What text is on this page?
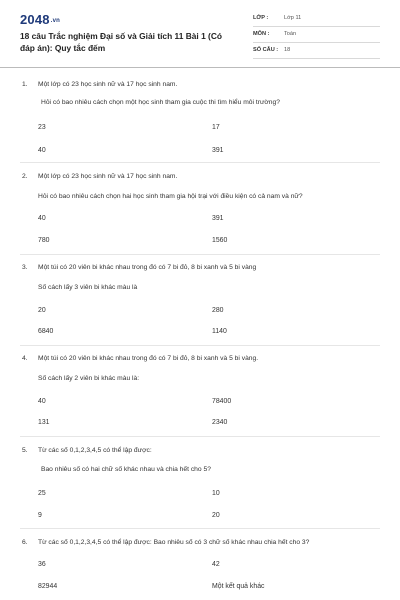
2048.vn
18 câu Trắc nghiệm Đại số và Giải tích 11 Bài 1 (Có đáp án): Quy tắc đếm
LỚP :	Lớp 11
MÔN :	Toán
SỐ CÂU : 18
1. Một lớp có 23 học sinh nữ và 17 học sinh nam.
Hỏi có bao nhiêu cách chọn một học sinh tham gia cuộc thi tìm hiểu môi trường?
23	17
40	391
2. Một lớp có 23 học sinh nữ và 17 học sinh nam.
Hỏi có bao nhiêu cách chọn hai học sinh tham gia hội trại với điều kiện có cả nam và nữ?
40	391
780	1560
3. Một túi có 20 viên bi khác nhau trong đó có 7 bi đỏ, 8 bi xanh và 5 bi vàng
Số cách lấy 3 viên bi khác màu là
20	280
6840	1140
4. Một túi có 20 viên bi khác nhau trong đó có 7 bi đỏ, 8 bi xanh và 5 bi vàng.
Số cách lấy 2 viên bi khác màu là:
40	78400
131	2340
5. Từ các số 0,1,2,3,4,5 có thể lập được:
Bao nhiêu số có hai chữ số khác nhau và chia hết cho 5?
25	10
9	20
6. Từ các số 0,1,2,3,4,5 có thể lập được: Bao nhiêu số có 3 chữ số khác nhau chia hết cho 3?
36	42
82944	Một kết quả khác
